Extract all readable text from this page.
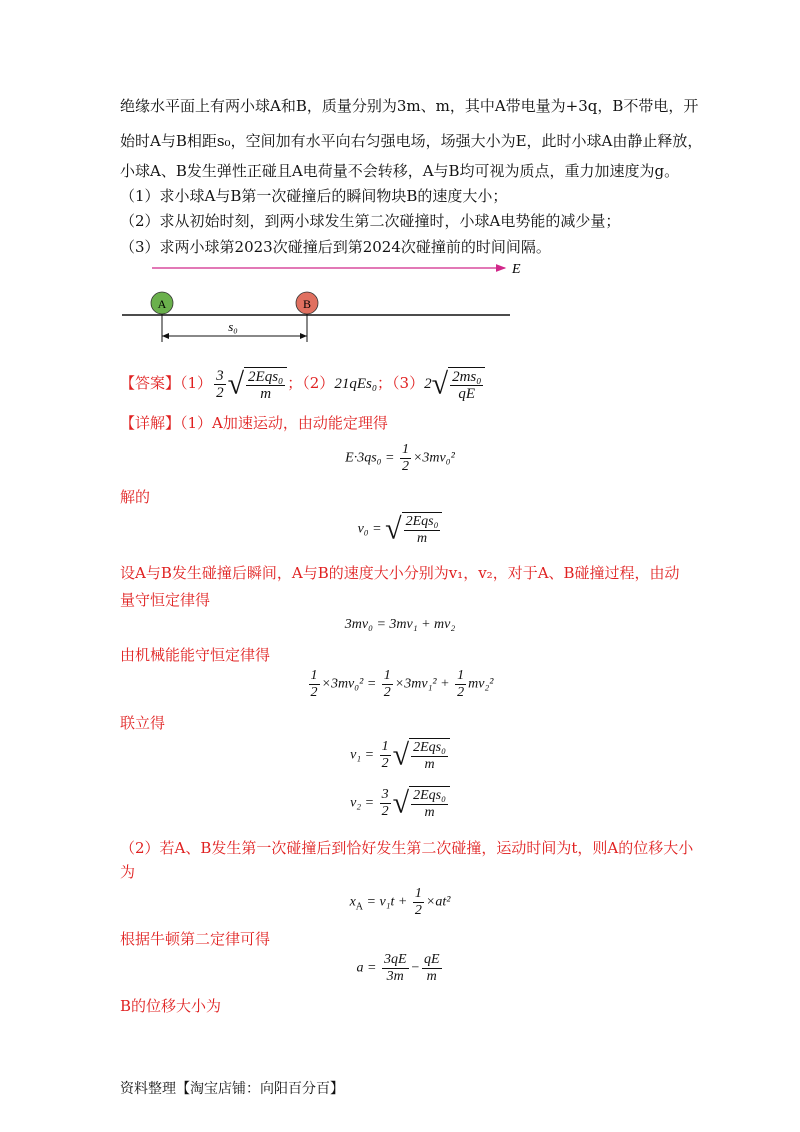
绝缘水平面上有两小球A和B，质量分别为3m、m，其中A带电量为+3q，B不带电，开
始时A与B相距s₀，空间加有水平向右匀强电场，场强大小为E，此时小球A由静止释放，
小球A、B发生弹性正碰且A电荷量不会转移，A与B均可视为质点，重力加速度为g。
（1）求小球A与B第一次碰撞后的瞬间物块B的速度大小；
（2）求从初始时刻，到两小球发生第二次碰撞时，小球A电势能的减少量；
（3）求两小球第2023次碰撞后到第2024次碰撞前的时间间隔。
E
A	B
s₀
【答案】$(1) \frac{3}{2}$ √ $\frac{\text{2Eqs₀}}{m}$ ；（2）21qEs₀；$(3)2√ \frac{\text{2ms₀}}{qE}$
【详解】（1）A加速运动，由动能定理得
$E\cdot 3qs_0 = \frac{1}{2} \times 3mv_0^2$
解的
v₀ = √ $\frac{\text{2Eqs₀}}{m}$
设A与B发生碰撞后瞬间，A与B的速度大小分别为v₁，v₂，对于A、B碰撞过程，由动
量守恒定律得
3mv₀ = 3mv₁ + mv₂
由机械能能守恒定律得
$\frac{1}{2} \times 3mv_0^2 = \frac{1}{2} \times 3mv_1^2 + \frac{1}{2} mv_2^2$
联立得
$v_1 = \frac{1}{2}$ √ $\frac{\text{2Eqs₀}}{m}$
$v_2 = \frac{3}{2}$ √ $\frac{\text{2Eqs₀}}{m}$
（2）若A、B发生第一次碰撞后到恰好发生第二次碰撞，运动时间为t，则A的位移大小
为
$x_A = v_1t + \frac{1}{2} \times at^2$
根据牛顿第二定律可得
$a = \frac{3qE}{3m} - \frac{qE}{m}$
B的位移大小为
资料整理【淘宝店铺：向阳百分百】
